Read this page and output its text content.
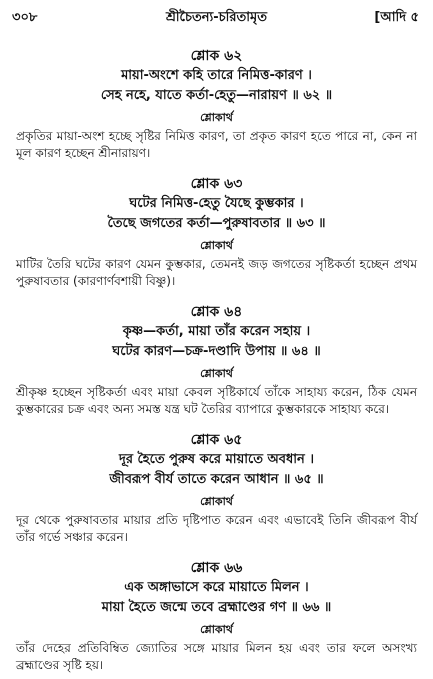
৩০৮	শ্রীচৈতন্য-চরিতামৃত	[আদি ৫
শ্লোক ৬২
মায়া-অংশে কহি তারে নিমিত্ত-কারণ ।
সেহ নহে, যাতে কর্তা-হেতু—নারায়ণ ॥ ৬২ ॥
শ্লোকার্থ
প্রকৃতির মায়া-অংশ হচ্ছে সৃষ্টির নিমিত্ত কারণ, তা প্রকৃত কারণ হতে পারে না, কেন না মূল কারণ হচ্ছেন শ্রীনারায়ণ।
শ্লোক ৬৩
ঘটের নিমিত্ত-হেতু যৈছে কুম্ভকার ।
তৈছে জগতের কর্তা—পুরুষাবতার ॥ ৬৩ ॥
শ্লোকার্থ
মাটির তৈরি ঘটের কারণ যেমন কুম্ভকার, তেমনই জড় জগতের সৃষ্টিকর্তা হচ্ছেন প্রথম পুরুষাবতার (কারণার্ণবশায়ী বিষ্ণু)।
শ্লোক ৬৪
কৃষ্ণ—কর্তা, মায়া তাঁর করেন সহায় ।
ঘটের কারণ—চক্র-দণ্ডাদি উপায় ॥ ৬৪ ॥
শ্লোকার্থ
শ্রীকৃষ্ণ হচ্ছেন সৃষ্টিকর্তা এবং মায়া কেবল সৃষ্টিকার্যে তাঁকে সাহায্য করেন, ঠিক যেমন কুম্ভকারের চক্র এবং অন্য সমস্ত যন্ত্র ঘট তৈরির ব্যাপারে কুম্ভকারকে সাহায্য করে।
শ্লোক ৬৫
দূর হৈতে পুরুষ করে মায়াতে অবধান ।
জীবরূপ বীর্য তাতে করেন আধান ॥ ৬৫ ॥
শ্লোকার্থ
দূর থেকে পুরুষাবতার মায়ার প্রতি দৃষ্টিপাত করেন এবং এভাবেই তিনি জীবরূপ বীর্য তাঁর গর্ভে সঞ্চার করেন।
শ্লোক ৬৬
এক অঙ্গাভাসে করে মায়াতে মিলন ।
মায়া হৈতে জন্মে তবে ব্রহ্মাণ্ডের গণ ॥ ৬৬ ॥
শ্লোকার্থ
তাঁর দেহের প্রতিবিম্বিত জ্যোতির সঙ্গে মায়ার মিলন হয় এবং তার ফলে অসংখ্য ব্রহ্মাণ্ডের সৃষ্টি হয়।
